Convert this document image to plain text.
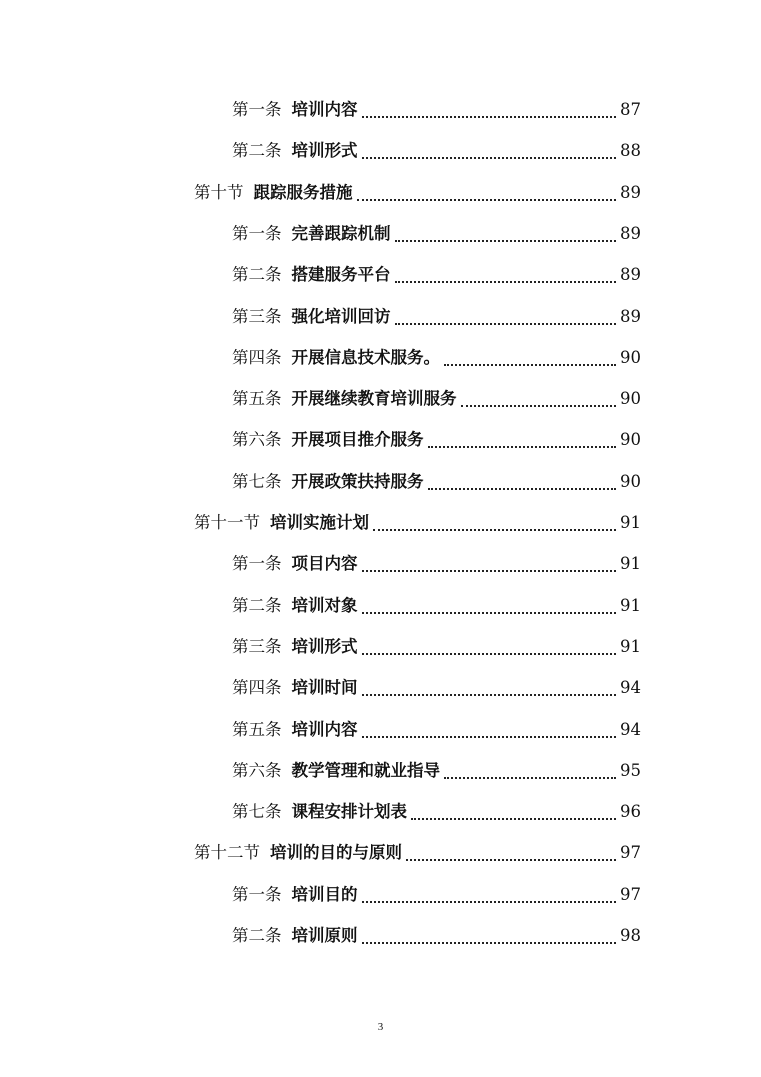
第一条 培训内容	87
第二条 培训形式	88
第十节 跟踪服务措施	89
第一条 完善跟踪机制	89
第二条 搭建服务平台	89
第三条 强化培训回访	89
第四条 开展信息技术服务。	90
第五条 开展继续教育培训服务	90
第六条 开展项目推介服务	90
第七条 开展政策扶持服务	90
第十一节 培训实施计划	91
第一条 项目内容	91
第二条 培训对象	91
第三条 培训形式	91
第四条 培训时间	94
第五条 培训内容	94
第六条 教学管理和就业指导	95
第七条 课程安排计划表	96
第十二节 培训的目的与原则	97
第一条 培训目的	97
第二条 培训原则	98
3
